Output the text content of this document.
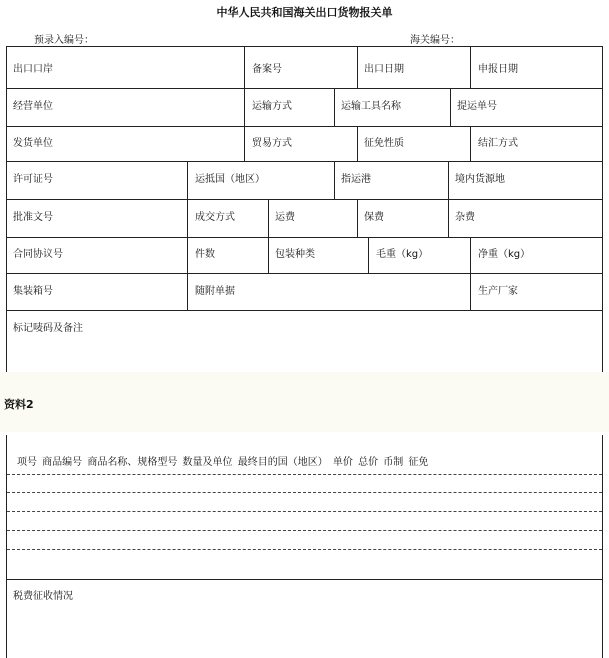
中华人民共和国海关出口货物报关单
预录入编号：	海关编号：
出口口岸	备案号	出口日期	申报日期
经营单位	运输方式	运输工具名称	提运单号
发货单位	贸易方式	征免性质	结汇方式
许可证号	运抵国（地区）	指运港	境内货源地
批准文号	成交方式	运费	保费	杂费
合同协议号	件数	包装种类	毛重（kg）	净重（kg）
集装箱号	随附单据	生产厂家
标记唛码及备注
资料2
项号 商品编号 商品名称、规格型号 数量及单位 最终目的国（地区） 单价 总价 币制 征免
税费征收情况
